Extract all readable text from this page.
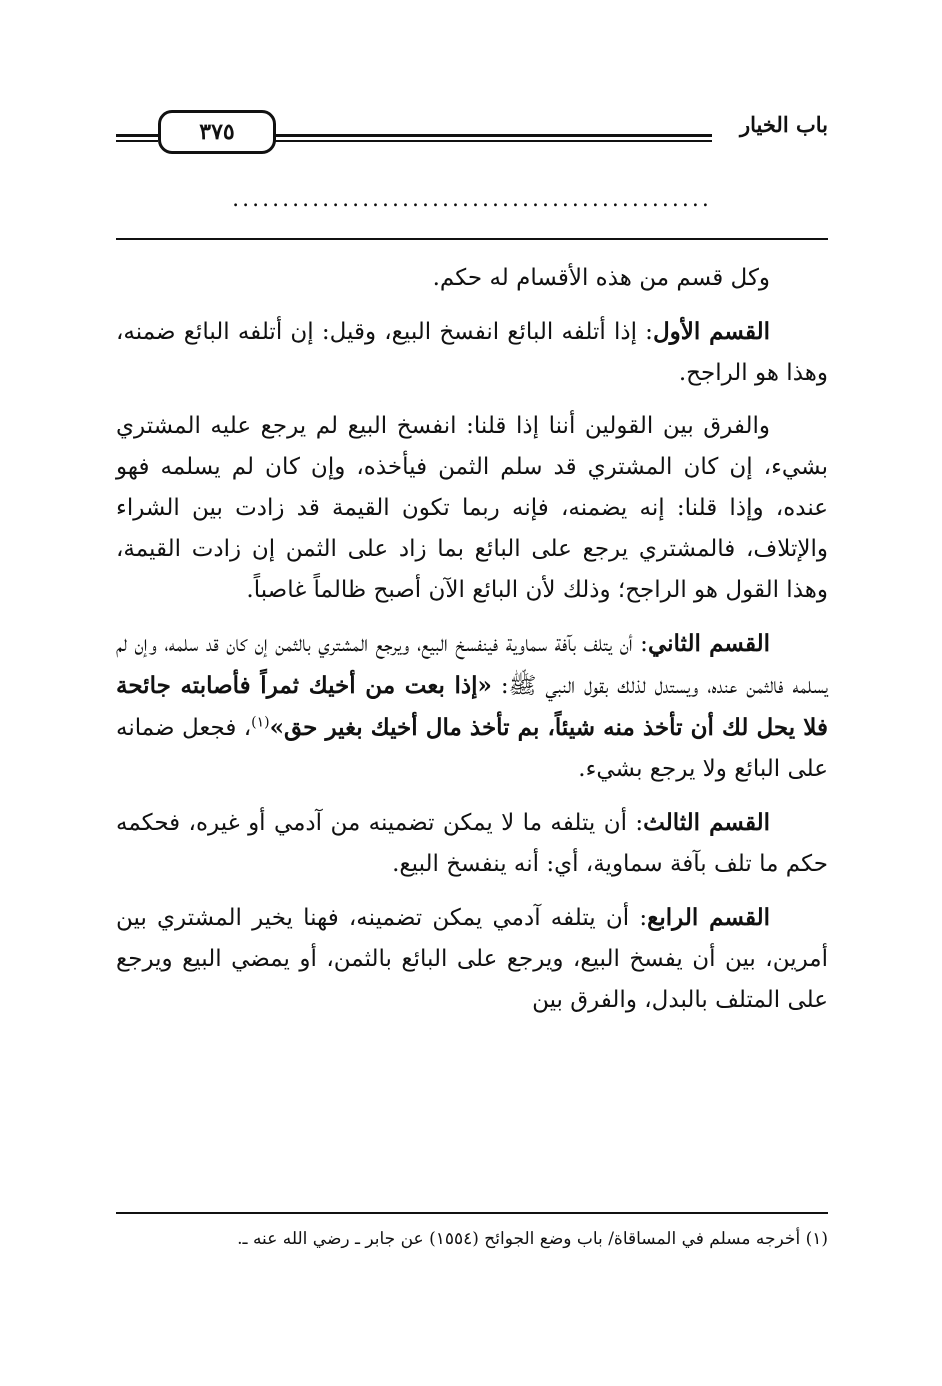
باب الخيار
٣٧٥
................................................

وكل قسم من هذه الأقسام له حكم.

القسم الأول: إذا أتلفه البائع انفسخ البيع، وقيل: إن أتلفه البائع ضمنه، وهذا هو الراجح.

والفرق بين القولين أننا إذا قلنا: انفسخ البيع لم يرجع عليه المشتري بشيء، إن كان المشتري قد سلم الثمن فيأخذه، وإن كان لم يسلمه فهو عنده، وإذا قلنا: إنه يضمنه، فإنه ربما تكون القيمة قد زادت بين الشراء والإتلاف، فالمشتري يرجع على البائع بما زاد على الثمن إن زادت القيمة، وهذا القول هو الراجح؛ وذلك لأن البائع الآن أصبح ظالماً غاصباً.

القسم الثاني: أن يتلف بآفة سماوية فينفسخ البيع، ويرجع المشتري بالثمن إن كان قد سلمه، وإن لم يسلمه فالثمن عنده، ويستدل لذلك بقول النبي ﷺ: «إذا بعت من أخيك ثمراً فأصابته جائحة فلا يحل لك أن تأخذ منه شيئاً، بم تأخذ مال أخيك بغير حق»$^{(١)}$، فجعل ضمانه على البائع ولا يرجع بشيء.

القسم الثالث: أن يتلفه ما لا يمكن تضمينه من آدمي أو غيره، فحكمه حكم ما تلف بآفة سماوية، أي: أنه ينفسخ البيع.

القسم الرابع: أن يتلفه آدمي يمكن تضمينه، فهنا يخير المشتري بين أمرين، بين أن يفسخ البيع، ويرجع على البائع بالثمن، أو يمضي البيع ويرجع على المتلف بالبدل، والفرق بين

(١) أخرجه مسلم في المساقاة/ باب وضع الجوائح (١٥٥٤) عن جابر ـ رضي الله عنه ـ.
